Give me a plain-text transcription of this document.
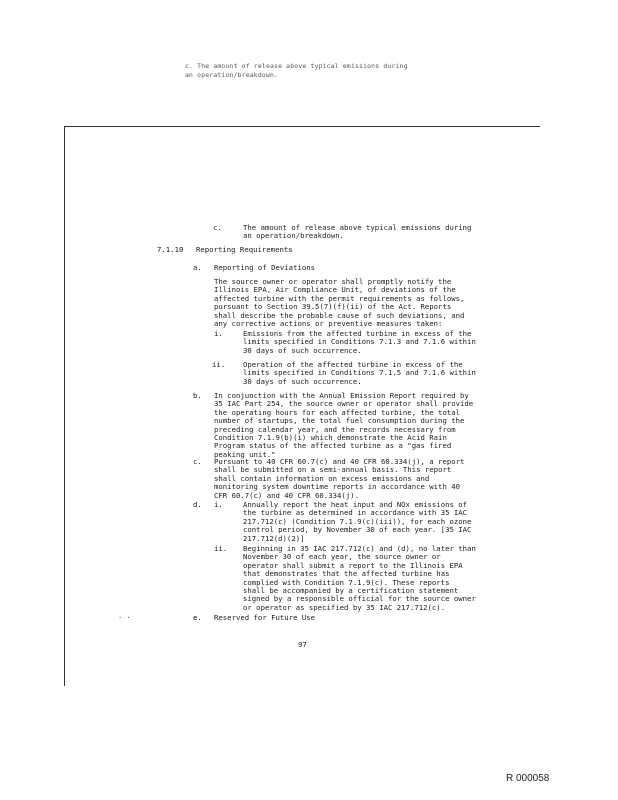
c. The amount of release above typical emissions during
an operation/breakdown.
c.	The amount of release above typical emissions during
an operation/breakdown.
7.1.10 Reporting Requirements
a. Reporting of Deviations
The source owner or operator shall promptly notify the
Illinois EPA, Air Compliance Unit, of deviations of the
affected turbine with the permit requirements as follows,
pursuant to Section 39.5(7)(f)(ii) of the Act. Reports
shall describe the probable cause of such deviations, and
any corrective actions or preventive measures taken:
i.	Emissions from the affected turbine in excess of the
limits specified in Conditions 7.1.3 and 7.1.6 within
30 days of such occurrence.
ii. Operation of the affected turbine in excess of the
limits specified in Conditions 7.1.5 and 7.1.6 within
30 days of such occurrence.
b. In conjunction with the Annual Emission Report required by
35 IAC Part 254, the source owner or operator shall provide
the operating hours for each affected turbine, the total
number of startups, the total fuel consumption during the
preceding calendar year, and the records necessary from
Condition 7.1.9(b)(i) which demonstrate the Acid Rain
Program status of the affected turbine as a "gas fired
peaking unit."
c. Pursuant to 40 CFR 60.7(c) and 40 CFR 60.334(j), a report
shall be submitted on a semi-annual basis. This report
shall contain information on excess emissions and
monitoring system downtime reports in accordance with 40
CFR 60.7(c) and 40 CFR 60.334(j).
d. i.	Annually report the heat input and NOx emissions of
the turbine as determined in accordance with 35 IAC
217.712(c) (Condition 7.1.9(c)(iii)), for each ozone
control period, by November 30 of each year. [35 IAC
217.712(d)(2)]
ii. Beginning in 35 IAC 217.712(c) and (d), no later than
November 30 of each year, the source owner or
operator shall submit a report to the Illinois EPA
that demonstrates that the affected turbine has
complied with Condition 7.1.9(c). These reports
shall be accompanied by a certification statement
signed by a responsible official for the source owner
or operator as specified by 35 IAC 217.712(c).
e. Reserved for Future Use
· ·
97
R 000058
